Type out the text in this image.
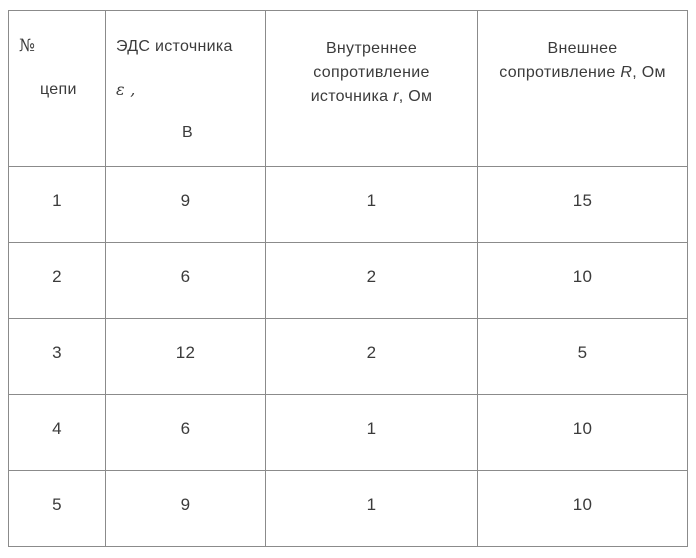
№
цепи

ЭДС источника
ε ,
В

Внутреннее
сопротивление
источника r, Ом

Внешнее
сопротивление R, Ом

1	9	1	15
2	6	2	10
3	12	2	5
4	6	1	10
5	9	1	10
